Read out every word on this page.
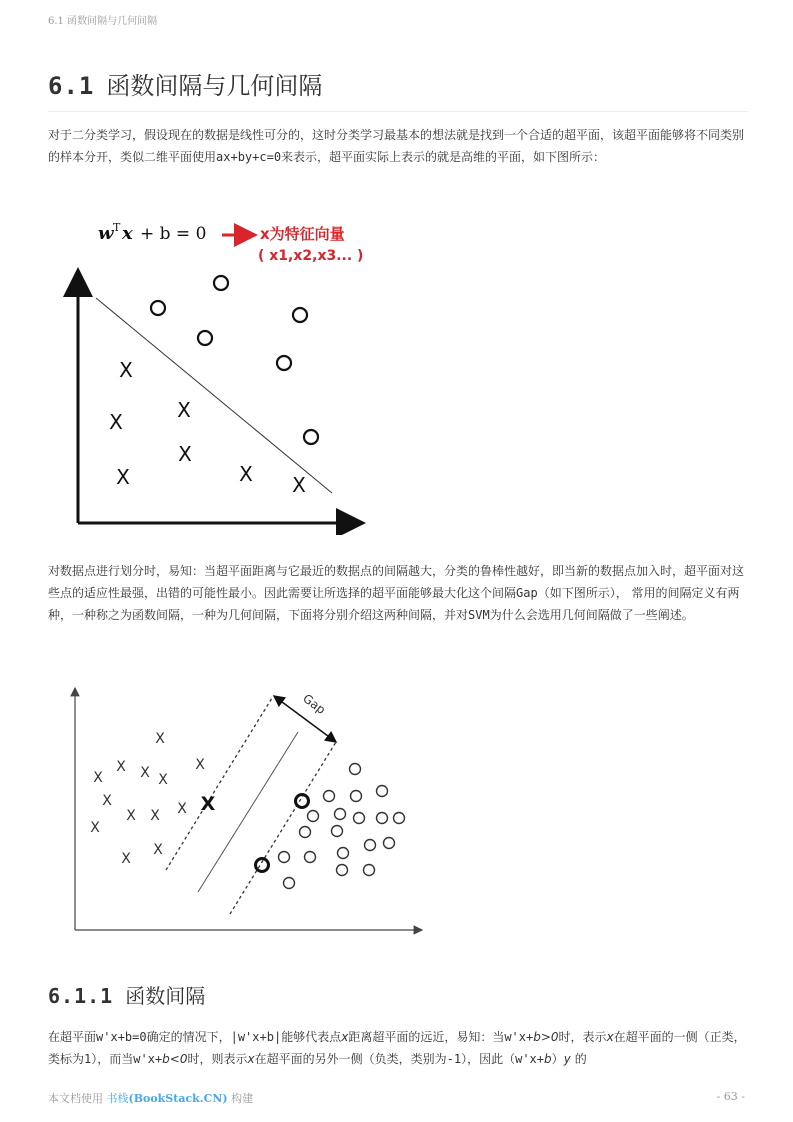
6.1 函数间隔与几何间隔
6.1 函数间隔与几何间隔

对于二分类学习，假设现在的数据是线性可分的，这时分类学习最基本的想法就是找到一个合适的超平面，该超平面能够将不同类别的样本分开，类似二维平面使用ax+by+c=0来表示，超平面实际上表示的就是高维的平面，如下图所示：

w T x + b = 0	x为特征向量
( x1,x2,x3... )
X
X
X
X
X	X X

对数据点进行划分时，易知：当超平面距离与它最近的数据点的间隔越大，分类的鲁棒性越好，即当新的数据点加入时，超平面对这些点的适应性最强，出错的可能性最小。因此需要让所选择的超平面能够最大化这个间隔Gap（如下图所示）， 常用的间隔定义有两种，一种称之为函数间隔，一种为几何间隔，下面将分别介绍这两种间隔，并对SVM为什么会选用几何间隔做了一些阐述。

Gap
X
X	X
X	X X
X	X
X X
X
X
X
X
6.1.1 函数间隔

在超平面w'x+b=0确定的情况下，|w'x+b|能够代表点x距离超平面的远近，易知：当w'x+b>0时，表示x在超平面的一侧（正类，类标为1），而当w'x+b<0时，则表示x在超平面的另外一侧（负类，类别为-1），因此（w'x+b）y 的

本文档使用 书栈(BookStack.CN) 构建	- 63 -
